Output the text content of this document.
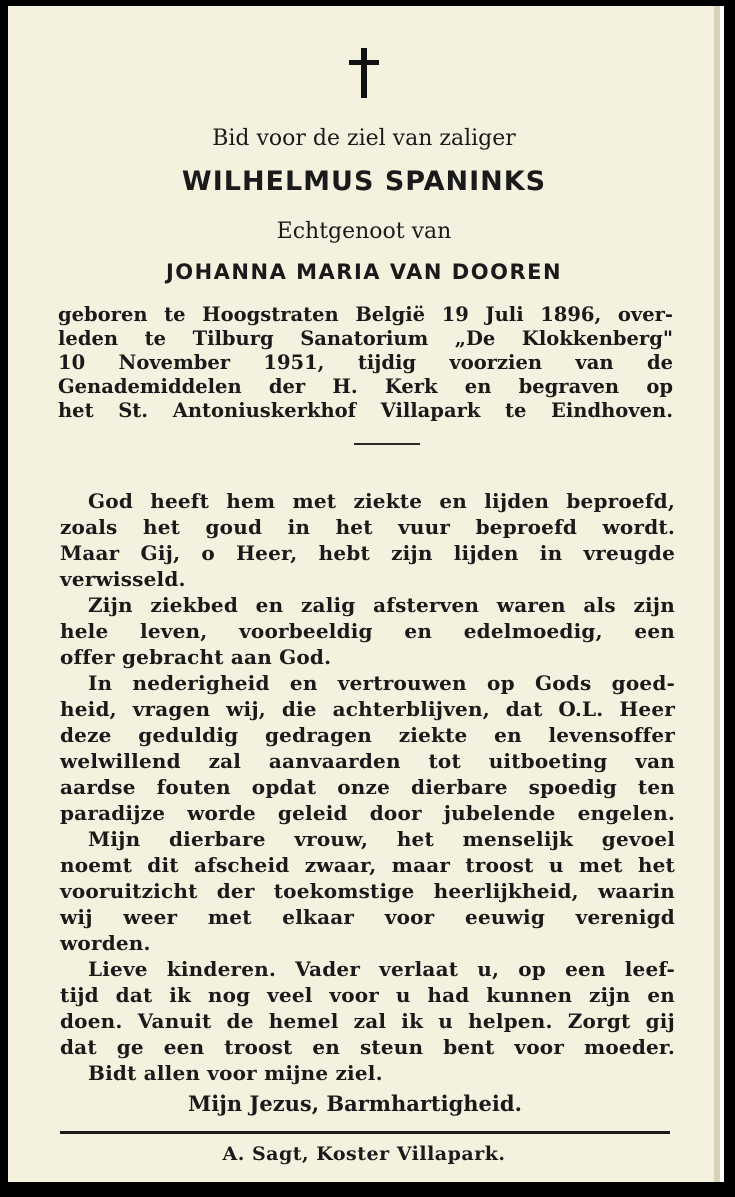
Bid voor de ziel van zaliger
WILHELMUS SPANINKS
Echtgenoot van
JOHANNA MARIA VAN DOOREN
geboren te Hoogstraten België 19 Juli 1896, over-
leden te Tilburg Sanatorium „De Klokkenberg"
10 November 1951, tijdig voorzien van de
Genademiddelen der H. Kerk en begraven op
het St. Antoniuskerkhof Villapark te Eindhoven.
God heeft hem met ziekte en lijden beproefd,
zoals het goud in het vuur beproefd wordt.
Maar Gij, o Heer, hebt zijn lijden in vreugde
verwisseld.
Zijn ziekbed en zalig afsterven waren als zijn
hele leven, voorbeeldig en edelmoedig, een
offer gebracht aan God.
In nederigheid en vertrouwen op Gods goed-
heid, vragen wij, die achterblijven, dat O.L. Heer
deze geduldig gedragen ziekte en levensoffer
welwillend zal aanvaarden tot uitboeting van
aardse fouten opdat onze dierbare spoedig ten
paradijze worde geleid door jubelende engelen.
Mijn dierbare vrouw, het menselijk gevoel
noemt dit afscheid zwaar, maar troost u met het
vooruitzicht der toekomstige heerlijkheid, waarin
wij weer met elkaar voor eeuwig verenigd
worden.
Lieve kinderen. Vader verlaat u, op een leef-
tijd dat ik nog veel voor u had kunnen zijn en
doen. Vanuit de hemel zal ik u helpen. Zorgt gij
dat ge een troost en steun bent voor moeder.
Bidt allen voor mijne ziel.
Mijn Jezus, Barmhartigheid.
A. Sagt, Koster Villapark.
